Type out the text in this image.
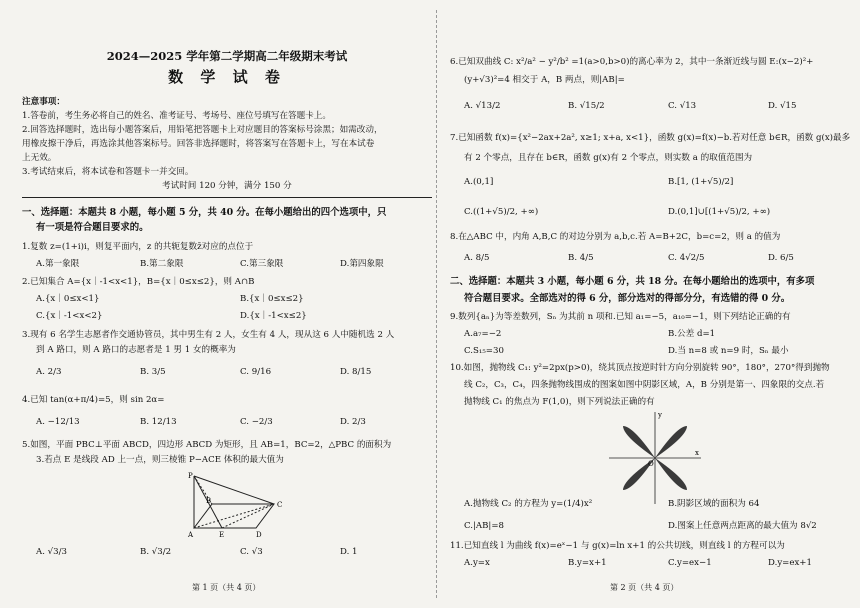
2024—2025 学年第二学期高二年级期末考试
数 学 试 卷
注意事项：
1.答卷前，考生务必将自己的姓名、准考证号、考场号、座位号填写在答题卡上。
2.回答选择题时，选出每小题答案后，用铅笔把答题卡上对应题目的答案标号涂黑；如需改动，
用橡皮擦干净后，再选涂其他答案标号。回答非选择题时，将答案写在答题卡上，写在本试卷
上无效。
3.考试结束后，将本试卷和答题卡一并交回。
考试时间 120 分钟，满分 150 分
一、选择题：本题共 8 小题，每小题 5 分，共 40 分。在每小题给出的四个选项中，只
有一项是符合题目要求的。
1.复数 z=(1+i)i，则复平面内，z 的共轭复数z̄对应的点位于
A.第一象限	B.第二象限	C.第三象限	D.第四象限
2.已知集合 A={x｜-1<x<1}，B={x｜0≤x≤2}，则 A∩B
A.{x｜0≤x<1}	B.{x｜0≤x≤2}
C.{x｜-1<x<2}	D.{x｜-1<x≤2}
3.现有 6 名学生志愿者作交通协管员，其中男生有 2 人，女生有 4 人，现从这 6 人中随机选 2 人
到 A 路口，则 A 路口的志愿者是 1 男 1 女的概率为
A. 2/3	B. 3/5	C. 9/16	D. 8/15
4.已知 tan(α+π/4)=5，则 sin 2α=
A. −12/13	B. 12/13	C. −2/3	D. 2/3
5.如图，平面 PBC⊥平面 ABCD，四边形 ABCD 为矩形，且 AB=1，BC=2，△PBC 的面积为
3.若点 E 是线段 AD 上一点，则三棱锥 P−ACE 体积的最大值为
P
B	C
A	E	D
A. √3/3	B. √3/2	C. √3	D. 1
第 1 页（共 4 页）
6.已知双曲线 C: x²/a² − y²/b² =1(a>0,b>0)的离心率为 2，其中一条渐近线与圆 E:(x−2)²+
(y+√3)²=4 相交于 A，B 两点，则|AB|=
A. √13/2	B. √15/2	C. √13	D. √15
7.已知函数 f(x)={x²−2ax+2a², x≥1; x+a, x<1}，函数 g(x)=f(x)−b.若对任意 b∈R，函数 g(x)最多
有 2 个零点，且存在 b∈R，函数 g(x)有 2 个零点，则实数 a 的取值范围为
A.(0,1]	B.[1, (1+√5)/2]
C.((1+√5)/2, +∞)	D.(0,1]∪[(1+√5)/2, +∞)
8.在△ABC 中，内角 A,B,C 的对边分别为 a,b,c.若 A=B+2C，b=c=2，则 a 的值为
A. 8/5	B. 4/5	C. 4√2/5	D. 6/5
二、选择题：本题共 3 小题，每小题 6 分，共 18 分。在每小题给出的选项中，有多项
符合题目要求。全部选对的得 6 分，部分选对的得部分分，有选错的得 0 分。
9.数列{aₙ}为等差数列，Sₙ 为其前 n 项和.已知 a₁=−5，a₁₀=−1，则下列结论正确的有
A.a₇=−2	B.公差 d=1
C.S₁₅=30	D.当 n=8 或 n=9 时，Sₙ 最小
10.如图，抛物线 C₁: y²=2px(p>0)，绕其顶点按逆时针方向分别旋转 90°，180°，270°得到抛物
线 C₂，C₃，C₄，四条抛物线围成的图案如图中阴影区域，A，B 分别是第一、四象限的交点.若
抛物线 C₁ 的焦点为 F(1,0)，则下列说法正确的有
y
x
O
A.抛物线 C₂ 的方程为 y=(1/4)x²	B.阴影区域的面积为 64
C.|AB|=8	D.图案上任意两点距离的最大值为 8√2
11.已知直线 l 为曲线 f(x)=eˣ−1 与 g(x)=ln x+1 的公共切线，则直线 l 的方程可以为
A.y=x	B.y=x+1	C.y=ex−1	D.y=ex+1
第 2 页（共 4 页）
